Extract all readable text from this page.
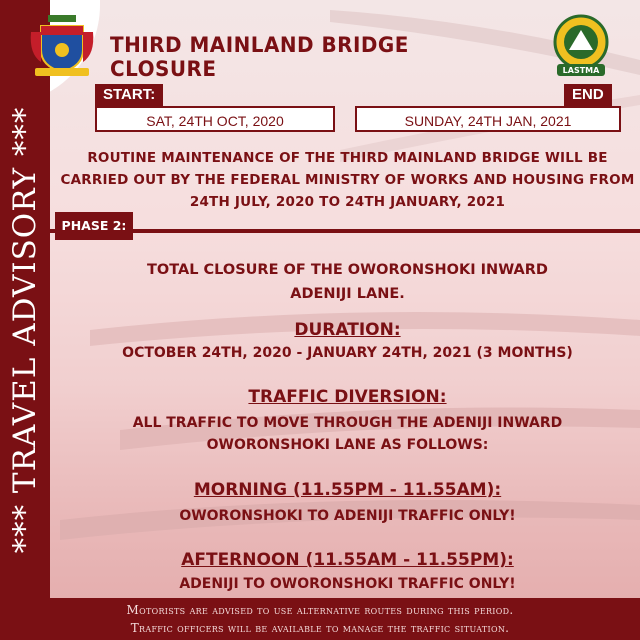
*** TRAVEL ADVISORY ***
THIRD MAINLAND BRIDGE CLOSURE	LASTMA
START:
SAT, 24TH OCT, 2020
END
SUNDAY, 24TH JAN, 2021
ROUTINE MAINTENANCE OF THE THIRD MAINLAND BRIDGE WILL BE
CARRIED OUT BY THE FEDERAL MINISTRY OF WORKS AND HOUSING FROM
24TH JULY, 2020 TO 24TH JANUARY, 2021
PHASE 2:
TOTAL CLOSURE OF THE OWORONSHOKI INWARD
ADENIJI LANE.
DURATION:
OCTOBER 24TH, 2020 - JANUARY 24TH, 2021 (3 MONTHS)
TRAFFIC DIVERSION:
ALL TRAFFIC TO MOVE THROUGH THE ADENIJI INWARD
OWORONSHOKI LANE AS FOLLOWS:
MORNING (11.55PM - 11.55AM):
OWORONSHOKI TO ADENIJI TRAFFIC ONLY!
AFTERNOON (11.55AM - 11.55PM):
ADENIJI TO OWORONSHOKI TRAFFIC ONLY!
Motorists are advised to use alternative routes during this period.
Traffic officers will be available to manage the traffic situation.
